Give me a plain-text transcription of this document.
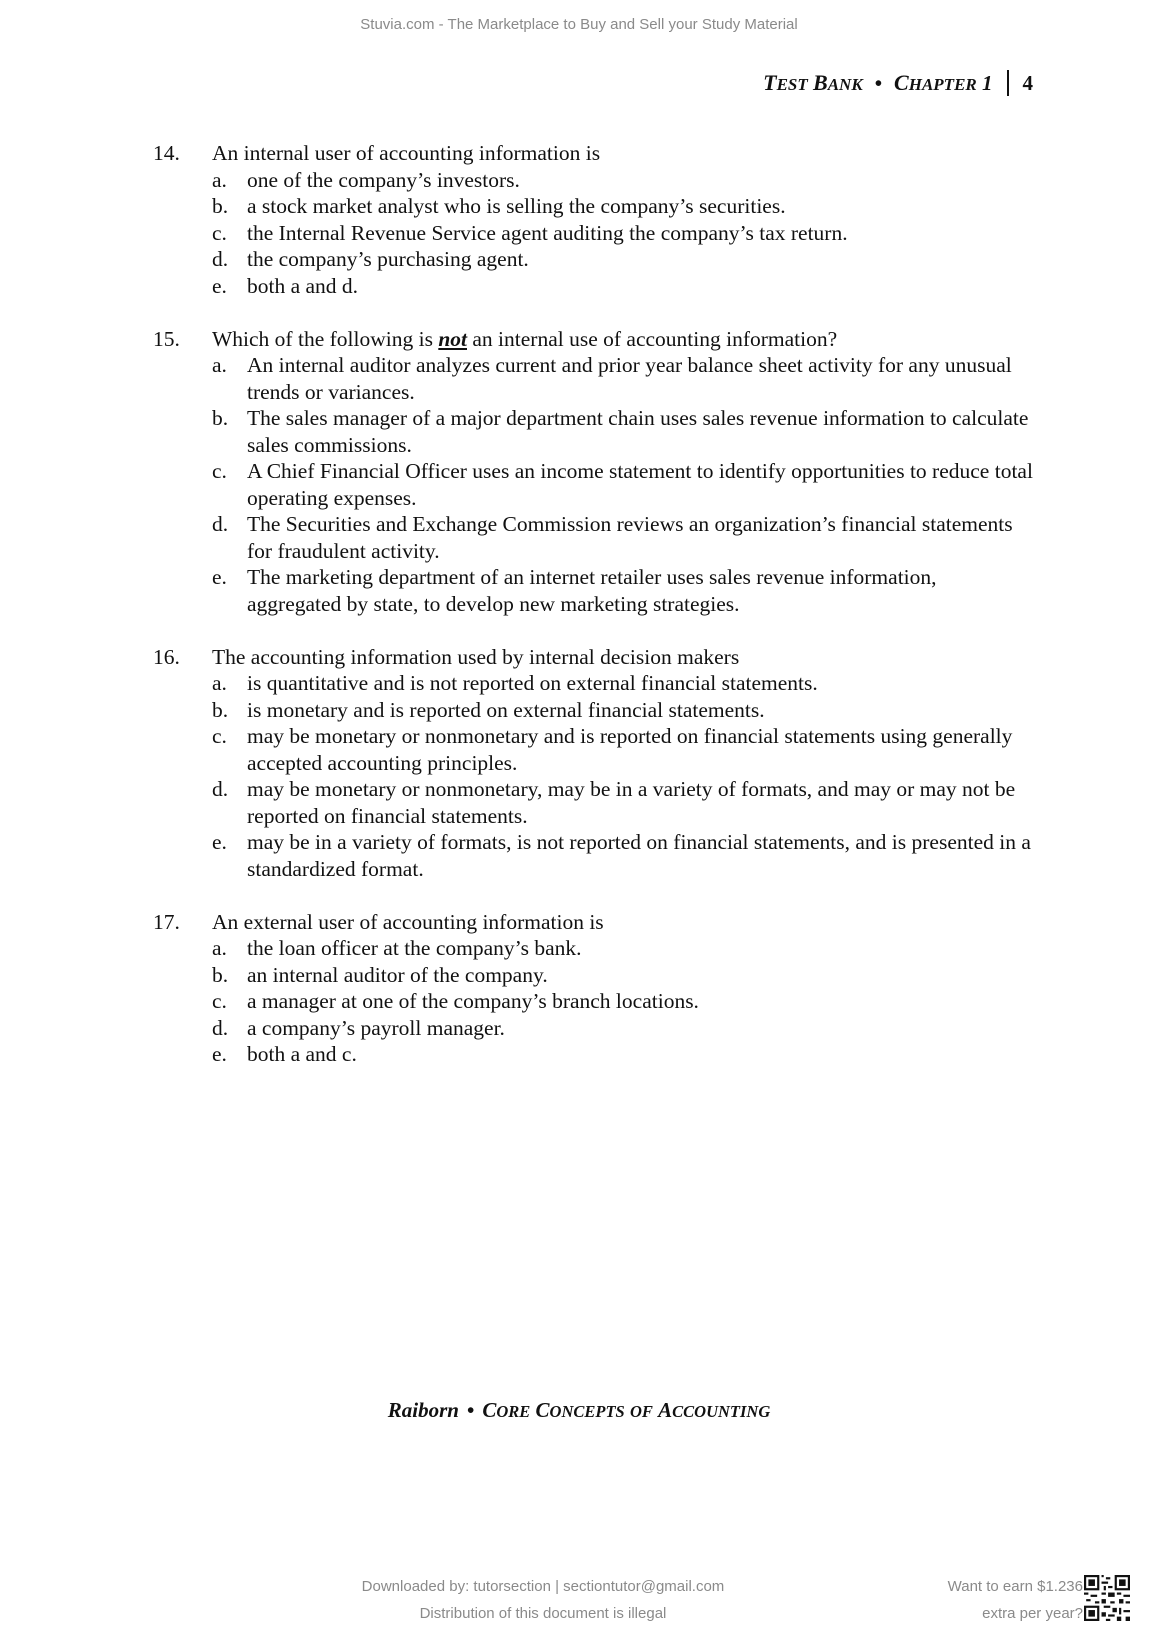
Stuvia.com - The Marketplace to Buy and Sell your Study Material
TEST
BANK • CHAPTER 1 4
14.	An internal user of accounting information is
a. one of the company’s investors.
b. a stock market analyst who is selling the company’s securities.
c. the Internal Revenue Service agent auditing the company’s tax return.
d. the company’s purchasing agent.
e. both a and d.
15.	Which of the following is not an internal use of accounting information?
a. An internal auditor analyzes current and prior year balance sheet activity for any unusual trends or variances.
b. The sales manager of a major department chain uses sales revenue information to calculate sales commissions.
c. A Chief Financial Officer uses an income statement to identify opportunities to reduce total operating expenses.
d. The Securities and Exchange Commission reviews an organization’s financial statements for fraudulent activity.
e. The marketing department of an internet retailer uses sales revenue information, aggregated by state, to develop new marketing strategies.
16.	The accounting information used by internal decision makers
a. is quantitative and is not reported on external financial statements.
b. is monetary and is reported on external financial statements.
c. may be monetary or nonmonetary and is reported on financial statements using generally accepted accounting principles.
d. may be monetary or nonmonetary, may be in a variety of formats, and may or may not be reported on financial statements.
e. may be in a variety of formats, is not reported on financial statements, and is presented in a standardized format.
17.	An external user of accounting information is
a. the loan officer at the company’s bank.
b. an internal auditor of the company.
c. a manager at one of the company’s branch locations.
d. a company’s payroll manager.
e. both a and c.
Raiborn • CORE CONCEPTS OF ACCOUNTING
Downloaded by: tutorsection | sectiontutor@gmail.com
Distribution of this document is illegal
Want to earn $1.236
extra per year?
